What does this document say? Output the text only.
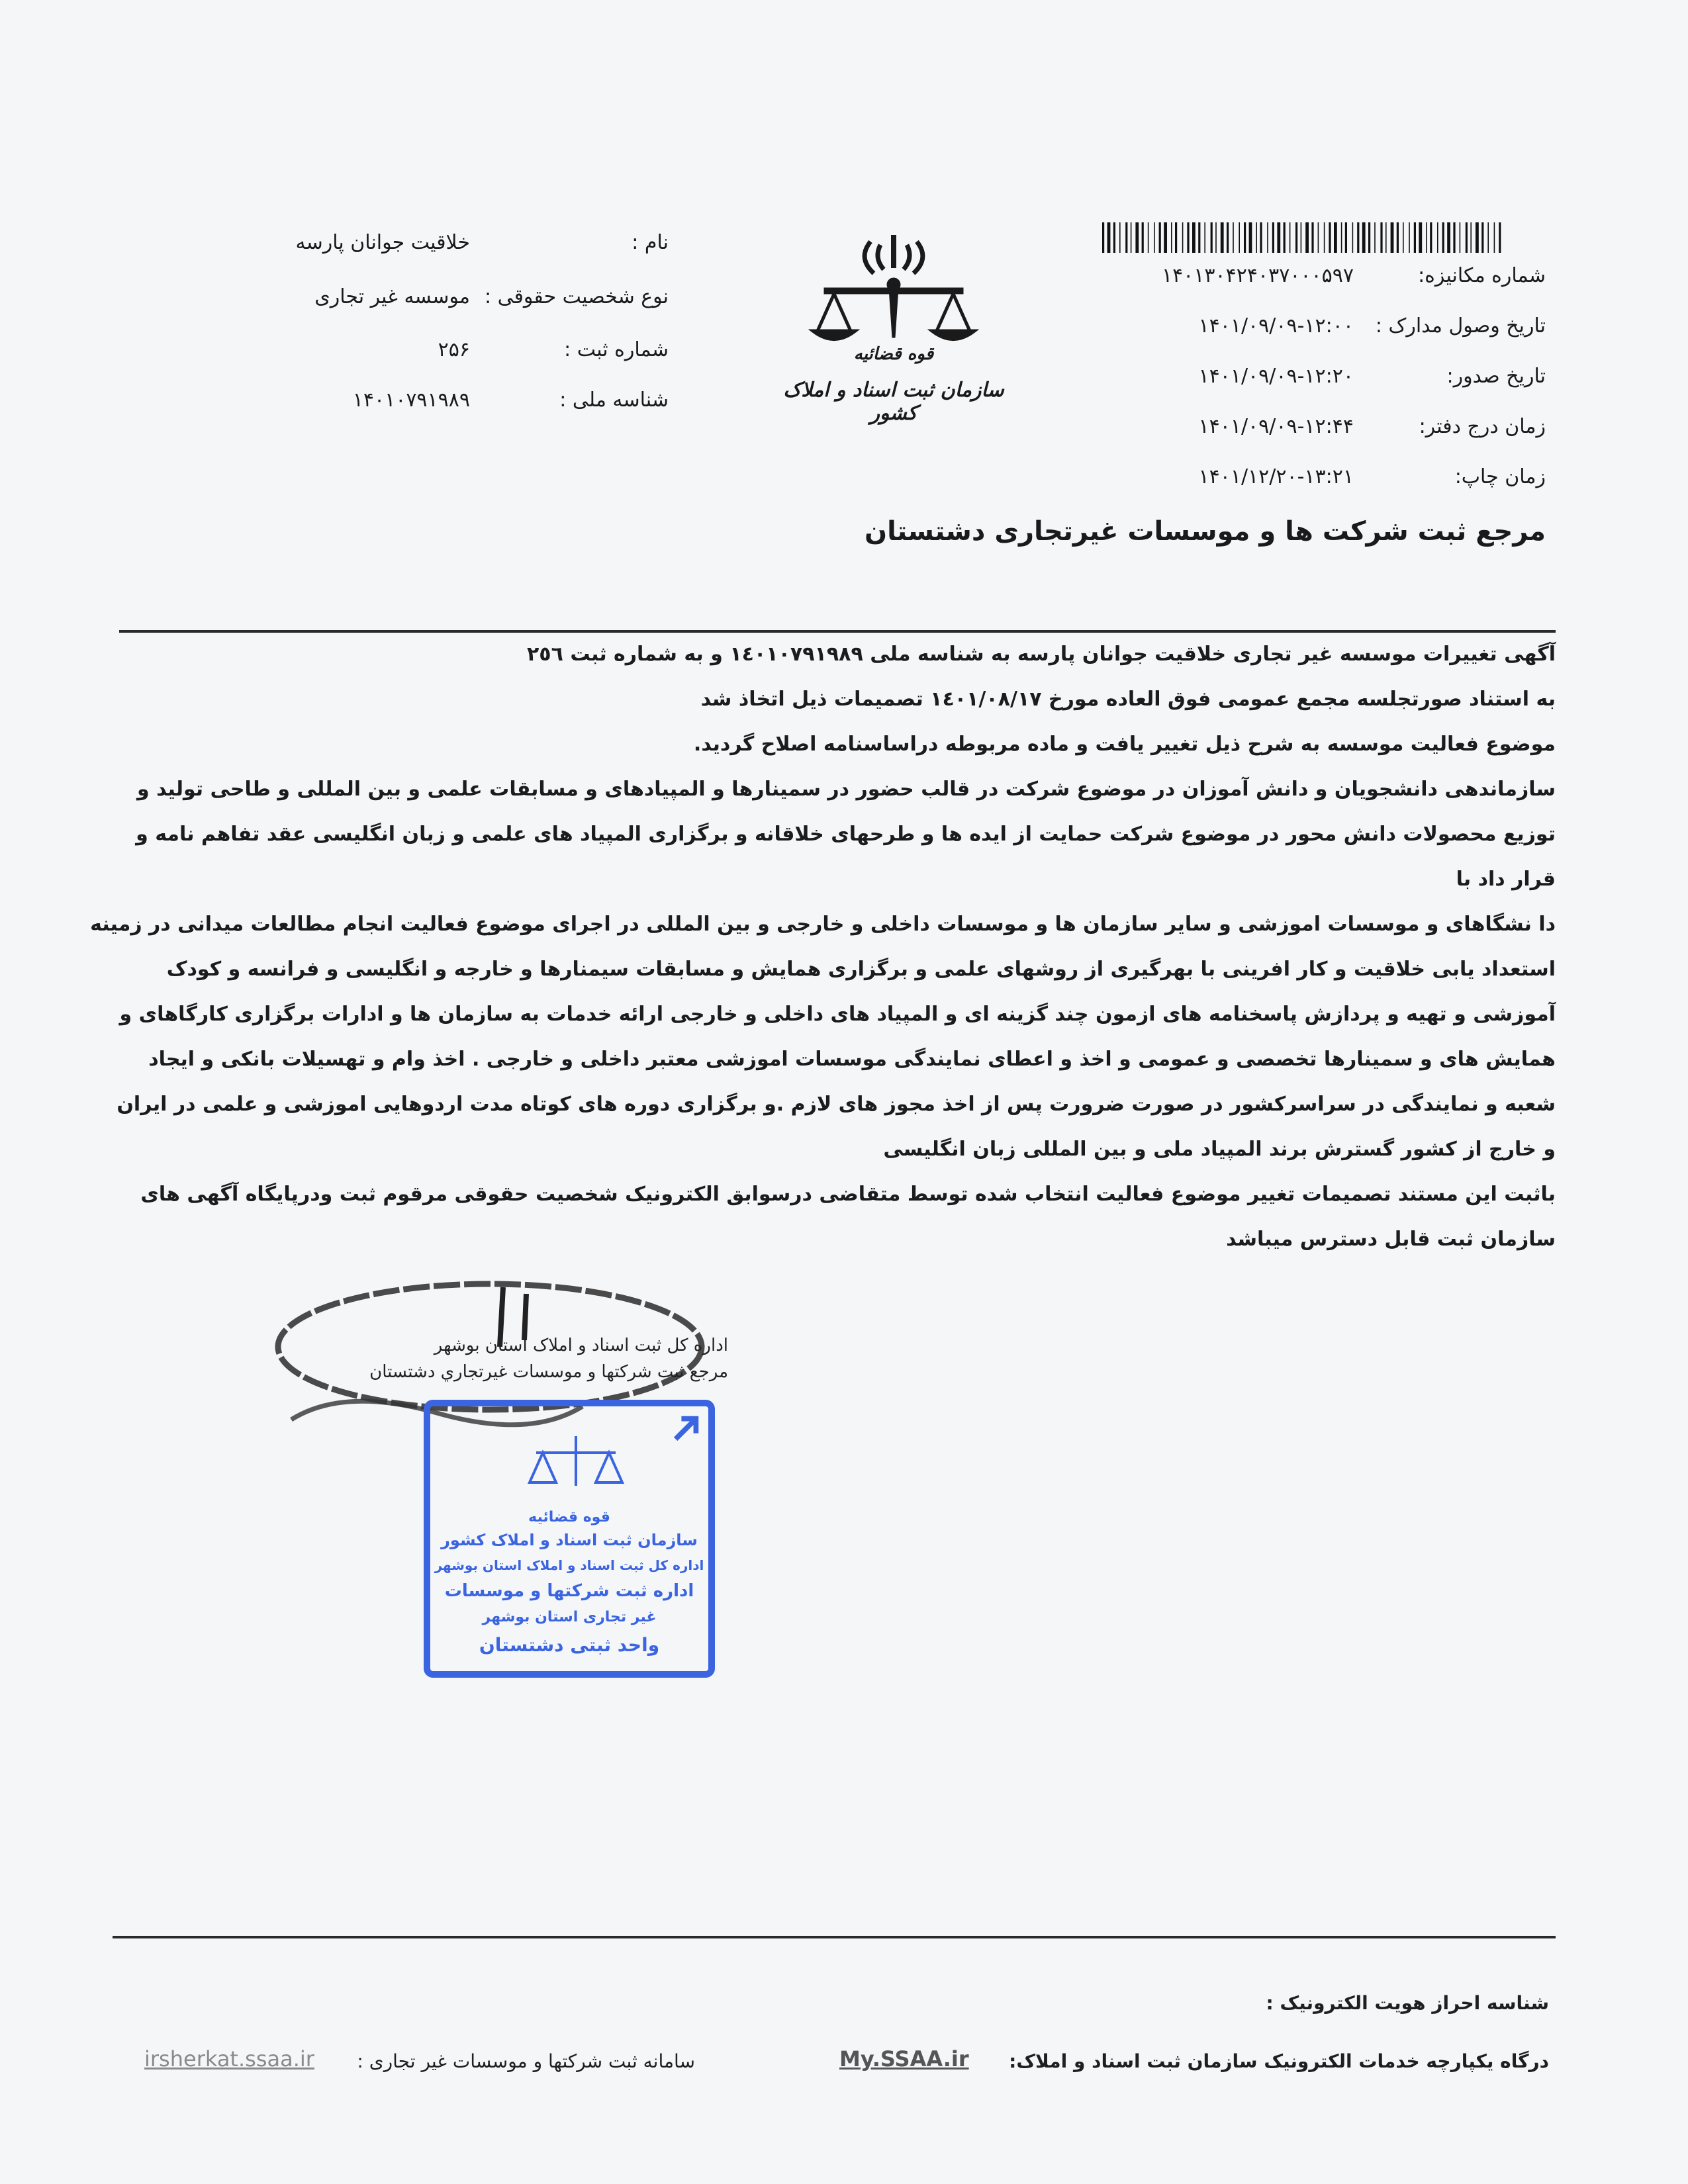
شماره مکانیزه:
۱۴۰۱۳۰۴۲۴۰۳۷۰۰۰۵۹۷
تاریخ وصول مدارک :
۱۴۰۱/۰۹/۰۹-۱۲:۰۰
تاریخ صدور:
۱۴۰۱/۰۹/۰۹-۱۲:۲۰
زمان درج دفتر:
۱۴۰۱/۰۹/۰۹-۱۲:۴۴
زمان چاپ:
۱۴۰۱/۱۲/۲۰-۱۳:۲۱
قوه قضائیه
سازمان ثبت اسناد و املاک کشور
نام :
خلاقیت جوانان پارسه
نوع شخصیت حقوقی :
موسسه غیر تجاری
شماره ثبت :
۲۵۶
شناسه ملی :
۱۴۰۱۰۷۹۱۹۸۹
مرجع ثبت شرکت ها و موسسات غیرتجاری دشتستان
آگهی تغییرات موسسه غیر تجاری خلاقیت جوانان پارسه به شناسه ملی ۱٤۰۱۰۷۹۱۹۸۹ و به شماره ثبت ۲٥٦
به استناد صورتجلسه مجمع عمومی فوق العاده مورخ ۱٤۰۱/۰۸/۱۷ تصمیمات ذیل اتخاذ شد
موضوع فعالیت موسسه به شرح ذیل تغییر یافت و ماده مربوطه دراساسنامه اصلاح گردید.
سازماندهی دانشجویان و دانش آموزان در موضوع شرکت در قالب حضور در سمینارها و المپیادهای و مسابقات علمی و بین المللی و طاحی تولید و
توزیع محصولات دانش محور در موضوع شرکت حمایت از ایده ها و طرحهای خلاقانه و برگزاری المپیاد های علمی و زبان انگلیسی عقد تفاهم نامه و
قرار داد با
دا نشگاهای و موسسات اموزشی و سایر سازمان ها و موسسات داخلی و خارجی و بین المللی در اجرای موضوع فعالیت انجام مطالعات میدانی در زمینه
استعداد یابی خلاقیت و کار افرینی با بهرگیری از روشهای علمی و برگزاری همایش و مسابقات سیمنارها و خارجه و انگلیسی و فرانسه و کودک
آموزشی و تهیه و پردازش پاسخنامه های ازمون چند گزینه ای و المپیاد های داخلی و خارجی ارائه خدمات به سازمان ها و ادارات برگزاری کارگاهای و
همایش های و سمینارها تخصصی و عمومی و اخذ و اعطای نمایندگی موسسات اموزشی معتبر داخلی و خارجی . اخذ وام و تهسیلات بانکی و ایجاد
شعبه و نمایندگی در سراسرکشور در صورت ضرورت پس از اخذ مجوز های لازم .و برگزاری دوره های کوتاه مدت اردوهایی اموزشی و علمی در ایران
و خارج از کشور گسترش برند المپیاد ملی و بین المللی زبان انگلیسی
باثبت این مستند تصمیمات تغییر موضوع فعالیت انتخاب شده توسط متقاضی درسوابق الکترونیک شخصیت حقوقی مرقوم ثبت ودرپایگاه آگهی های
سازمان ثبت قابل دسترس میباشد
اداره کل ثبت اسناد و املاک استان بوشهر
مرجع ثبت شرکتها و موسسات غیرتجاري دشتستان
قوه قضائیه
سازمان ثبت اسناد و املاک کشور
اداره کل ثبت اسناد و املاک استان بوشهر
اداره ثبت شرکتها و موسسات
غیر تجاری استان بوشهر
واحد ثبتی دشتستان
شناسه احراز هویت الکترونیک :
درگاه یکپارچه خدمات الکترونیک سازمان ثبت اسناد و املاک:
My.SSAA.ir
سامانه ثبت شرکتها و موسسات غیر تجاری :
irsherkat.ssaa.ir
